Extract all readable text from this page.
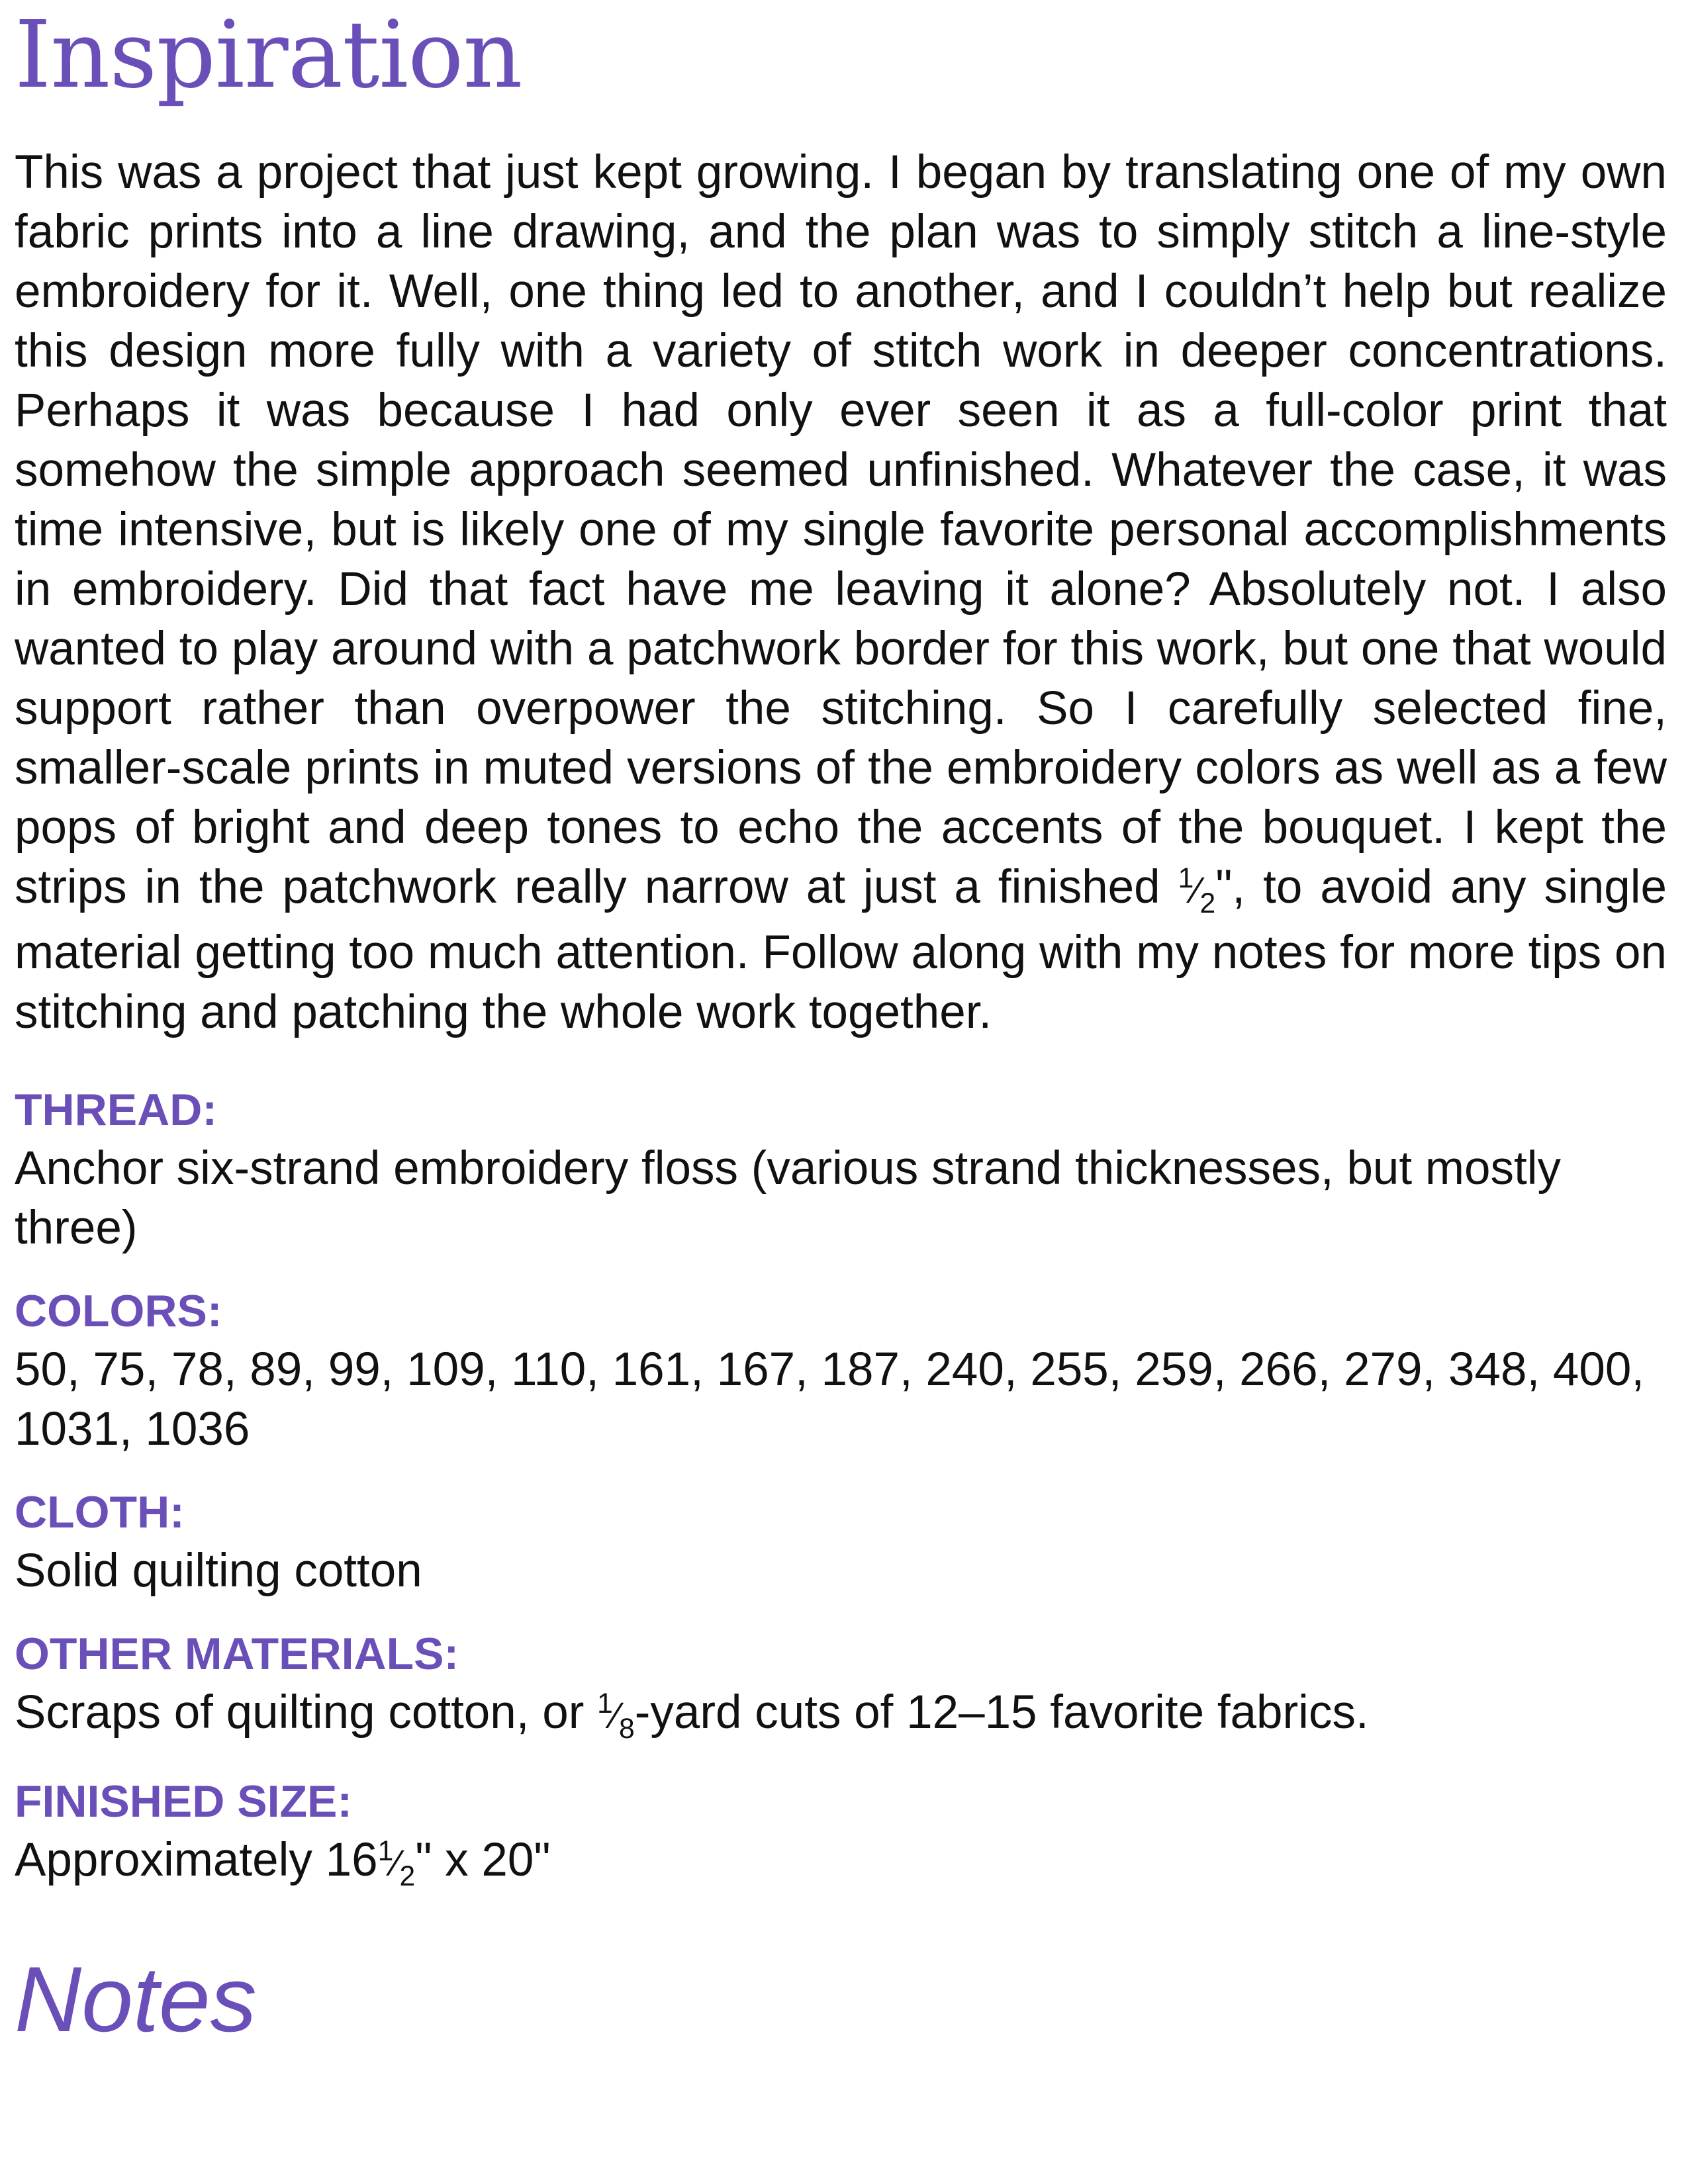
Inspiration

This was a project that just kept growing. I began by translating one of my own fabric prints into a line drawing, and the plan was to simply stitch a line-style embroidery for it. Well, one thing led to another, and I couldn’t help but realize this design more fully with a variety of stitch work in deeper concentrations. Perhaps it was because I had only ever seen it as a full-color print that somehow the simple approach seemed unfinished. Whatever the case, it was time intensive, but is likely one of my single favorite personal accomplishments in embroidery. Did that fact have me leaving it alone? Absolutely not. I also wanted to play around with a patchwork border for this work, but one that would support rather than overpower the stitching. So I carefully selected fine, smaller-scale prints in muted versions of the embroidery colors as well as a few pops of bright and deep tones to echo the accents of the bouquet. I kept the strips in the patchwork really narrow at just a finished 1⁄2", to avoid any single material getting too much attention. Follow along with my notes for more tips on stitching and patching the whole work together.

THREAD:
Anchor six-strand embroidery floss (various strand thicknesses, but mostly three)
COLORS:
50, 75, 78, 89, 99, 109, 110, 161, 167, 187, 240, 255, 259, 266, 279, 348, 400, 1031, 1036
CLOTH:
Solid quilting cotton
OTHER MATERIALS:
Scraps of quilting cotton, or 1⁄8-yard cuts of 12–15 favorite fabrics.
FINISHED SIZE:
Approximately 161⁄2" x 20"
Notes
